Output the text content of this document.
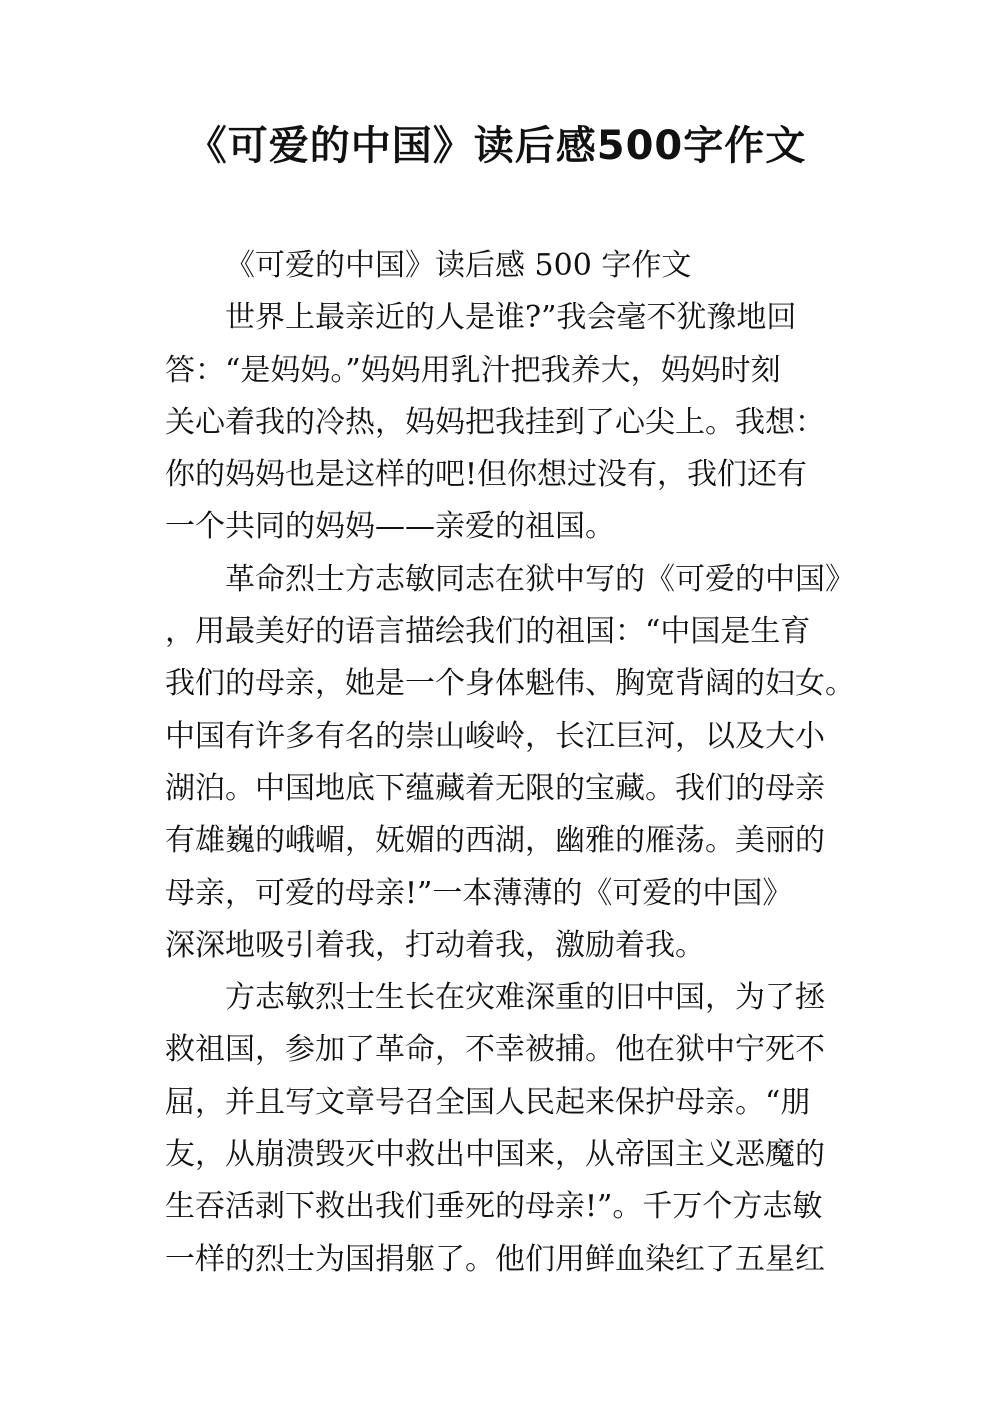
《可爱的中国》读后感500字作文
《可爱的中国》读后感 500 字作文
世界上最亲近的人是谁?”我会毫不犹豫地回
答：“是妈妈。”妈妈用乳汁把我养大，妈妈时刻
关心着我的冷热，妈妈把我挂到了心尖上。我想：
你的妈妈也是这样的吧!但你想过没有，我们还有
一个共同的妈妈——亲爱的祖国。
革命烈士方志敏同志在狱中写的《可爱的中国》
，用最美好的语言描绘我们的祖国：“中国是生育
我们的母亲，她是一个身体魁伟、胸宽背阔的妇女。
中国有许多有名的崇山峻岭，长江巨河，以及大小
湖泊。中国地底下蕴藏着无限的宝藏。我们的母亲
有雄巍的峨嵋，妩媚的西湖，幽雅的雁荡。美丽的
母亲，可爱的母亲!”一本薄薄的《可爱的中国》
深深地吸引着我，打动着我，激励着我。
方志敏烈士生长在灾难深重的旧中国，为了拯
救祖国，参加了革命，不幸被捕。他在狱中宁死不
屈，并且写文章号召全国人民起来保护母亲。“朋
友，从崩溃毁灭中救出中国来，从帝国主义恶魔的
生吞活剥下救出我们垂死的母亲!”。千万个方志敏
一样的烈士为国捐躯了。他们用鲜血染红了五星红
